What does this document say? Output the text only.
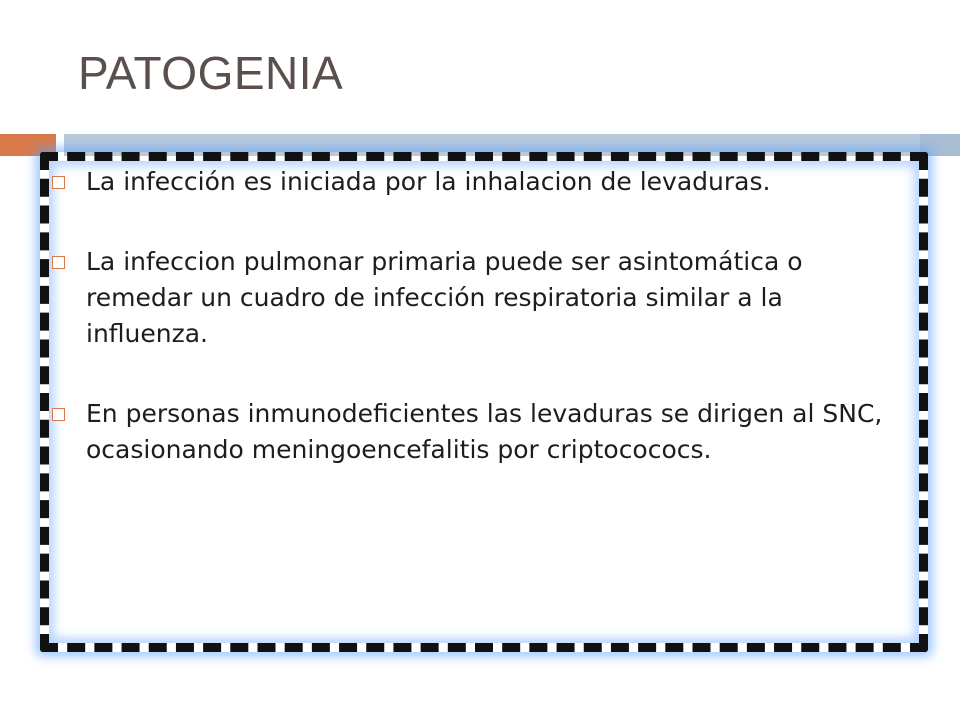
PATOGENIA
La infección es iniciada por la inhalacion de levaduras.
La infeccion pulmonar primaria puede ser asintomática o remedar un cuadro de infección respiratoria similar a la influenza.
En personas inmunodeficientes las levaduras se dirigen al SNC, ocasionando meningoencefalitis por criptocococs.
